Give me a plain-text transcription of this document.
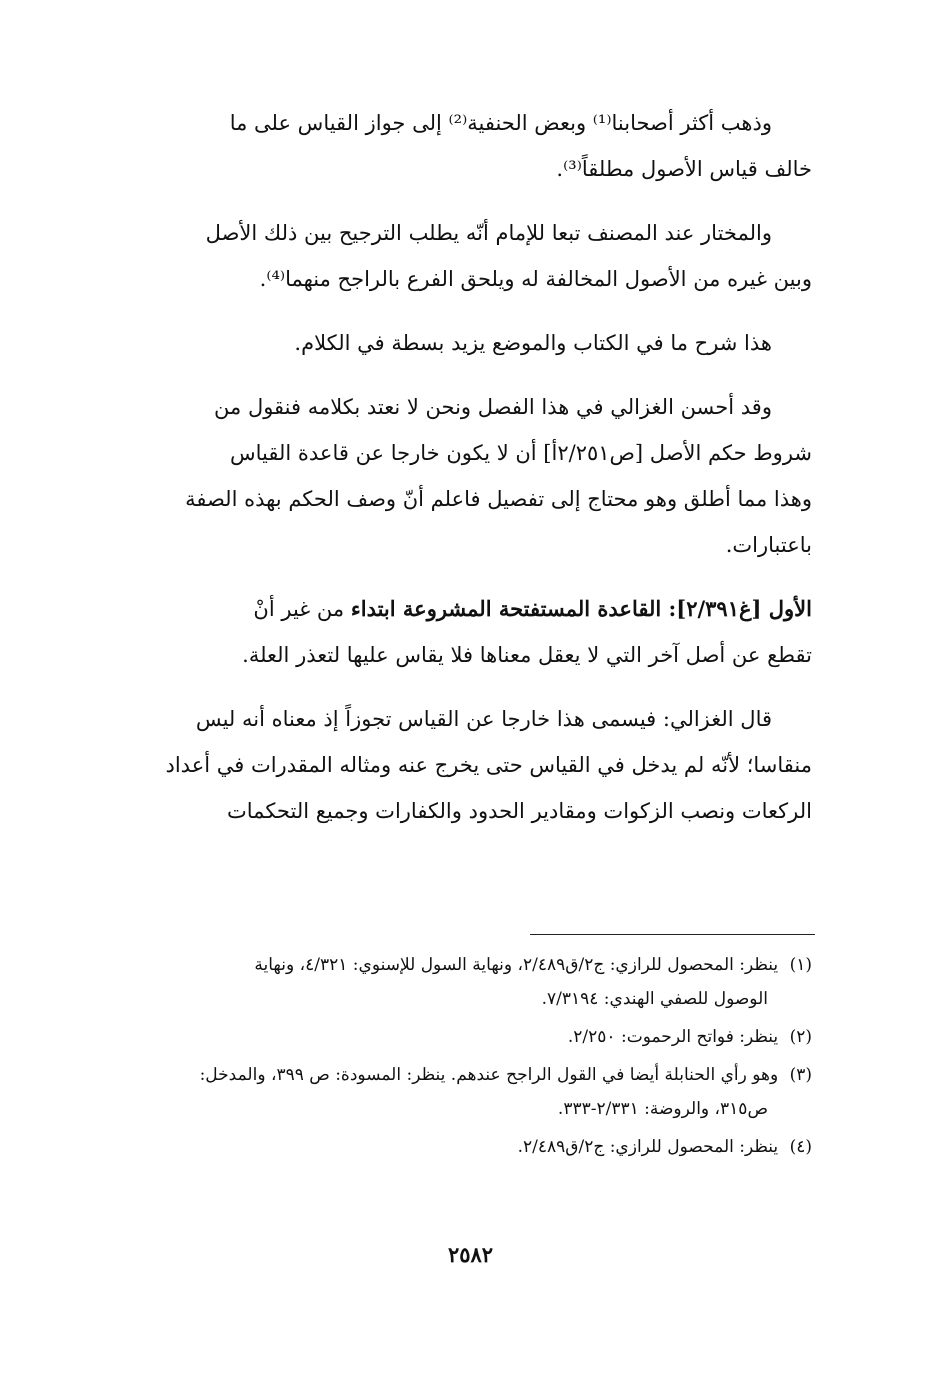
وذهب أكثر أصحابنا⁽¹⁾ وبعض الحنفية⁽²⁾ إلى جواز القياس على ما
خالف قياس الأصول مطلقاً⁽³⁾.

والمختار عند المصنف تبعا للإمام أنّه يطلب الترجيح بين ذلك الأصل
وبين غيره من الأصول المخالفة له ويلحق الفرع بالراجح منهما⁽⁴⁾.

هذا شرح ما في الكتاب والموضع يزيد بسطة في الكلام.

وقد أحسن الغزالي في هذا الفصل ونحن لا نعتد بكلامه فنقول من
شروط حكم الأصل [ص٢/٢٥١أ] أن لا يكون خارجا عن قاعدة القياس
وهذا مما أطلق وهو محتاج إلى تفصيل فاعلم أنّ وصف الحكم بهذه الصفة
باعتبارات.

الأول [غ٢/٣٩١]: القاعدة المستفتحة المشروعة ابتداء من غير أنْ
تقطع عن أصل آخر التي لا يعقل معناها فلا يقاس عليها لتعذر العلة.

قال الغزالي: فيسمى هذا خارجا عن القياس تجوزاً إذ معناه أنه ليس
منقاسا؛ لأنّه لم يدخل في القياس حتى يخرج عنه ومثاله المقدرات في أعداد
الركعات ونصب الزكوات ومقادير الحدود والكفارات وجميع التحكمات

(١) ينظر: المحصول للرازي: ج٢/ق٢/٤٨٩، ونهاية السول للإسنوي: ٤/٣٢١، ونهاية
الوصول للصفي الهندي: ٧/٣١٩٤.
(٢) ينظر: فواتح الرحموت: ٢/٢٥٠.
(٣) وهو رأي الحنابلة أيضا في القول الراجح عندهم. ينظر: المسودة: ص ٣٩٩، والمدخل:
ص٣١٥، والروضة: ٢/٣٣١-٣٣٣.
(٤) ينظر: المحصول للرازي: ج٢/ق٢/٤٨٩.
٢٥٨٢
